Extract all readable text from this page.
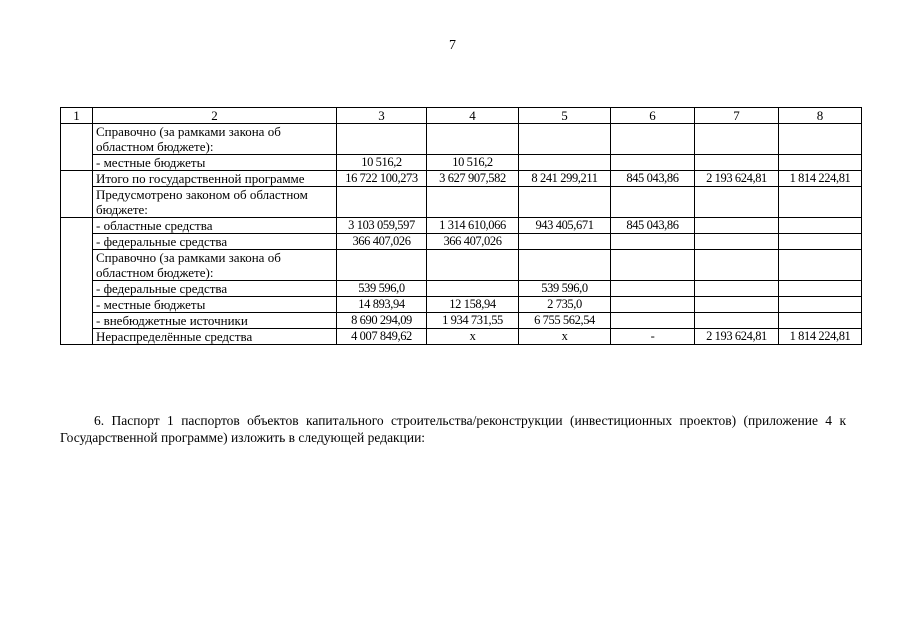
7
1	2	3	4	5	6	7	8
	Справочно (за рамками закона об областном бюджете):						
	- местные бюджеты	10 516,2	10 516,2				
	Итого по государственной программе	16 722 100,273	3 627 907,582	8 241 299,211	845 043,86	2 193 624,81	1 814 224,81
	Предусмотрено законом об областном бюджете:						
	- областные средства	3 103 059,597	1 314 610,066	943 405,671	845 043,86		
	- федеральные средства	366 407,026	366 407,026				
	Справочно (за рамками закона об областном бюджете):						
	- федеральные средства	539 596,0		539 596,0			
	- местные бюджеты	14 893,94	12 158,94	2 735,0			
	- внебюджетные источники	8 690 294,09	1 934 731,55	6 755 562,54			
	Нераспределённые средства	4 007 849,62	х	х	-	2 193 624,81	1 814 224,81
6. Паспорт 1 паспортов объектов капитального строительства/реконструкции (инвестиционных проектов) (приложение 4 к Государственной программе) изложить в следующей редакции:
